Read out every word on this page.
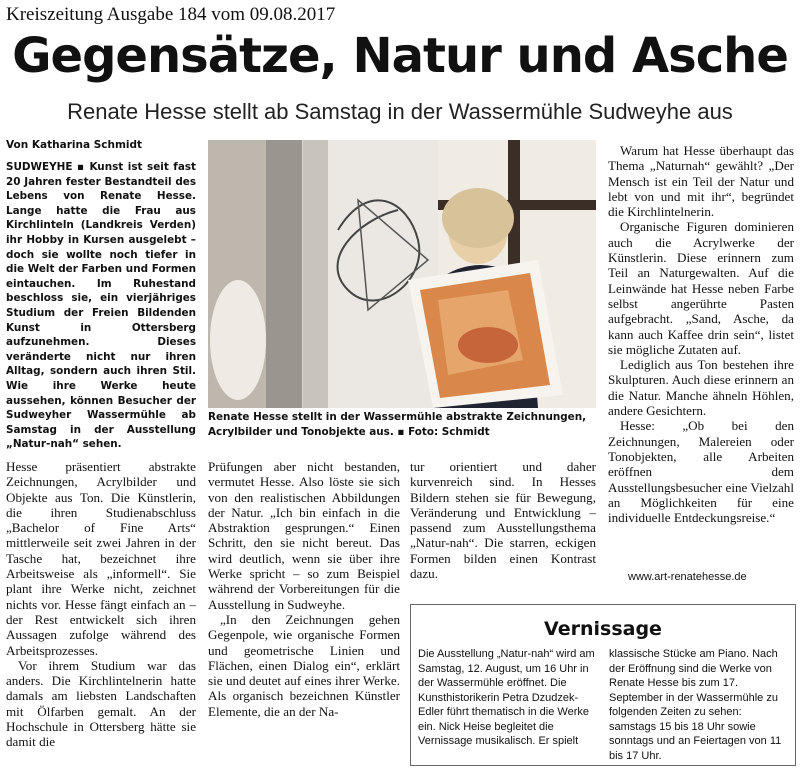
Kreiszeitung Ausgabe 184 vom 09.08.2017
Gegensätze, Natur und Asche
Renate Hesse stellt ab Samstag in der Wassermühle Sudweyhe aus
Von Katharina Schmidt
SUDWEYHE ▪ Kunst ist seit fast 20 Jahren fester Bestandteil des Lebens von Renate Hesse. Lange hatte die Frau aus Kirchlinteln (Landkreis Verden) ihr Hobby in Kursen ausgelebt – doch sie wollte noch tiefer in die Welt der Farben und Formen eintauchen. Im Ruhestand beschloss sie, ein vierjähriges Studium der Freien Bildenden Kunst in Ottersberg aufzunehmen. Dieses veränderte nicht nur ihren Alltag, sondern auch ihren Stil. Wie ihre Werke heute aussehen, können Besucher der Sudweyher Wassermühle ab Samstag in der Ausstellung „Natur-nah“ sehen.
Renate Hesse stellt in der Wassermühle abstrakte Zeichnungen, Acrylbilder und Tonobjekte aus. ▪ Foto: Schmidt

Hesse präsentiert abstrakte Zeichnungen, Acrylbilder und Objekte aus Ton. Die Künstlerin, die ihren Studienabschluss „Bachelor of Fine Arts“ mittlerweile seit zwei Jahren in der Tasche hat, bezeichnet ihre Arbeitsweise als „informell“. Sie plant ihre Werke nicht, zeichnet nichts vor. Hesse fängt einfach an – der Rest entwickelt sich ihren Aussagen zufolge während des Arbeitsprozesses.

Vor ihrem Studium war das anders. Die Kirchlintelnerin hatte damals am liebsten Landschaften mit Ölfarben gemalt. An der Hochschule in Ottersberg hätte sie damit die

Prüfungen aber nicht bestanden, vermutet Hesse. Also löste sie sich von den realistischen Abbildungen der Natur. „Ich bin einfach in die Abstraktion gesprungen.“ Einen Schritt, den sie nicht bereut. Das wird deutlich, wenn sie über ihre Werke spricht – so zum Beispiel während der Vorbereitungen für die Ausstellung in Sudweyhe.

„In den Zeichnungen gehen Gegenpole, wie organische Formen und geometrische Linien und Flächen, einen Dialog ein“, erklärt sie und deutet auf eines ihrer Werke. Als organisch bezeichnen Künstler Elemente, die an der Na-

tur orientiert und daher kurvenreich sind. In Hesses Bildern stehen sie für Bewegung, Veränderung und Entwicklung – passend zum Ausstellungsthema „Natur-nah“. Die starren, eckigen Formen bilden einen Kontrast dazu.

Warum hat Hesse überhaupt das Thema „Naturnah“ gewählt? „Der Mensch ist ein Teil der Natur und lebt von und mit ihr“, begründet die Kirchlintelnerin.

Organische Figuren dominieren auch die Acrylwerke der Künstlerin. Diese erinnern zum Teil an Naturgewalten. Auf die Leinwände hat Hesse neben Farbe selbst angerührte Pasten aufgebracht. „Sand, Asche, da kann auch Kaffee drin sein“, listet sie mögliche Zutaten auf.

Lediglich aus Ton bestehen ihre Skulpturen. Auch diese erinnern an die Natur. Manche ähneln Höhlen, andere Gesichtern.

Hesse: „Ob bei den Zeichnungen, Malereien oder Tonobjekten, alle Arbeiten eröffnen dem Ausstellungsbesucher eine Vielzahl an Möglichkeiten für eine individuelle Entdeckungsreise.“

www.art-renatehesse.de
Vernissage
Die Ausstellung „Natur-nah“ wird am Samstag, 12. August, um 16 Uhr in der Wassermühle eröffnet. Die Kunsthistorikerin Petra Dzudzek-Edler führt thematisch in die Werke ein. Nick Heise begleitet die Vernissage musikalisch. Er spielt
klassische Stücke am Piano. Nach der Eröffnung sind die Werke von Renate Hesse bis zum 17. September in der Wassermühle zu folgenden Zeiten zu sehen: samstags 15 bis 18 Uhr sowie sonntags und an Feiertagen von 11 bis 17 Uhr.
